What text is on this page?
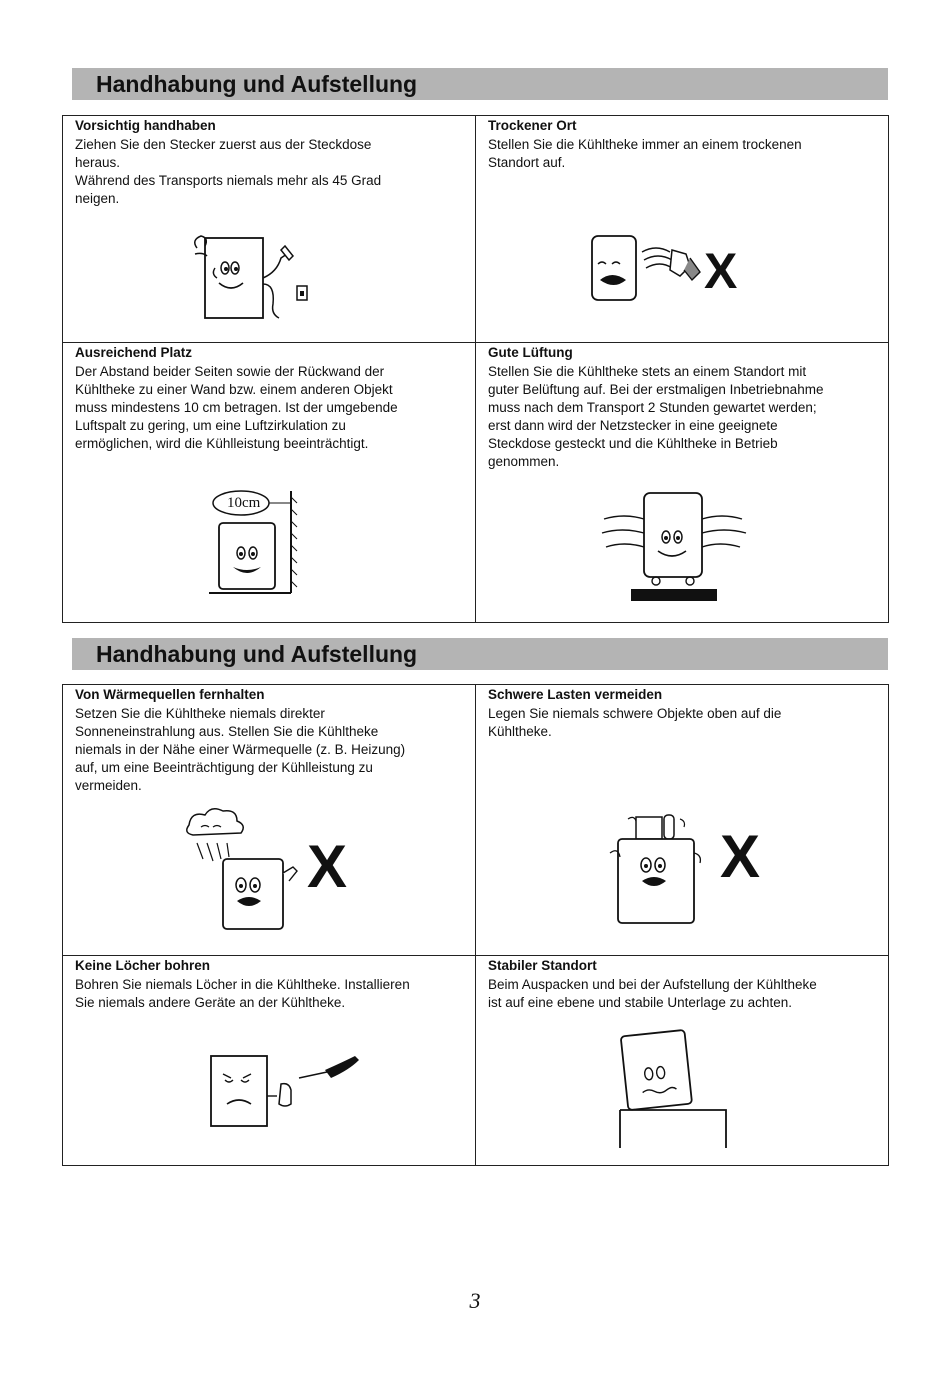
Handhabung und Aufstellung
Vorsichtig handhaben

Ziehen Sie den Stecker zuerst aus der Steckdose

heraus.

Während des Transports niemals mehr als 45 Grad

neigen.

Trockener Ort

Stellen Sie die Kühltheke immer an einem trockenen

Standort auf.

X
Ausreichend Platz

Der Abstand beider Seiten sowie der Rückwand der

Kühltheke zu einer Wand bzw. einem anderen Objekt

muss mindestens 10 cm betragen. Ist der umgebende

Luftspalt zu gering, um eine Luftzirkulation zu

ermöglichen, wird die Kühlleistung beeinträchtigt.

10cm
Gute Lüftung

Stellen Sie die Kühltheke stets an einem Standort mit

guter Belüftung auf. Bei der erstmaligen Inbetriebnahme

muss nach dem Transport 2 Stunden gewartet werden;

erst dann wird der Netzstecker in eine geeignete

Steckdose gesteckt und die Kühltheke in Betrieb

genommen.

Handhabung und Aufstellung
Von Wärmequellen fernhalten

Setzen Sie die Kühltheke niemals direkter

Sonneneinstrahlung aus. Stellen Sie die Kühltheke

niemals in der Nähe einer Wärmequelle (z. B. Heizung)

auf, um eine Beeinträchtigung der Kühlleistung zu

vermeiden.

X
Schwere Lasten vermeiden

Legen Sie niemals schwere Objekte oben auf die

Kühltheke.

X
Keine Löcher bohren

Bohren Sie niemals Löcher in die Kühltheke. Installieren

Sie niemals andere Geräte an der Kühltheke.

Stabiler Standort

Beim Auspacken und bei der Aufstellung der Kühltheke

ist auf eine ebene und stabile Unterlage zu achten.

3
